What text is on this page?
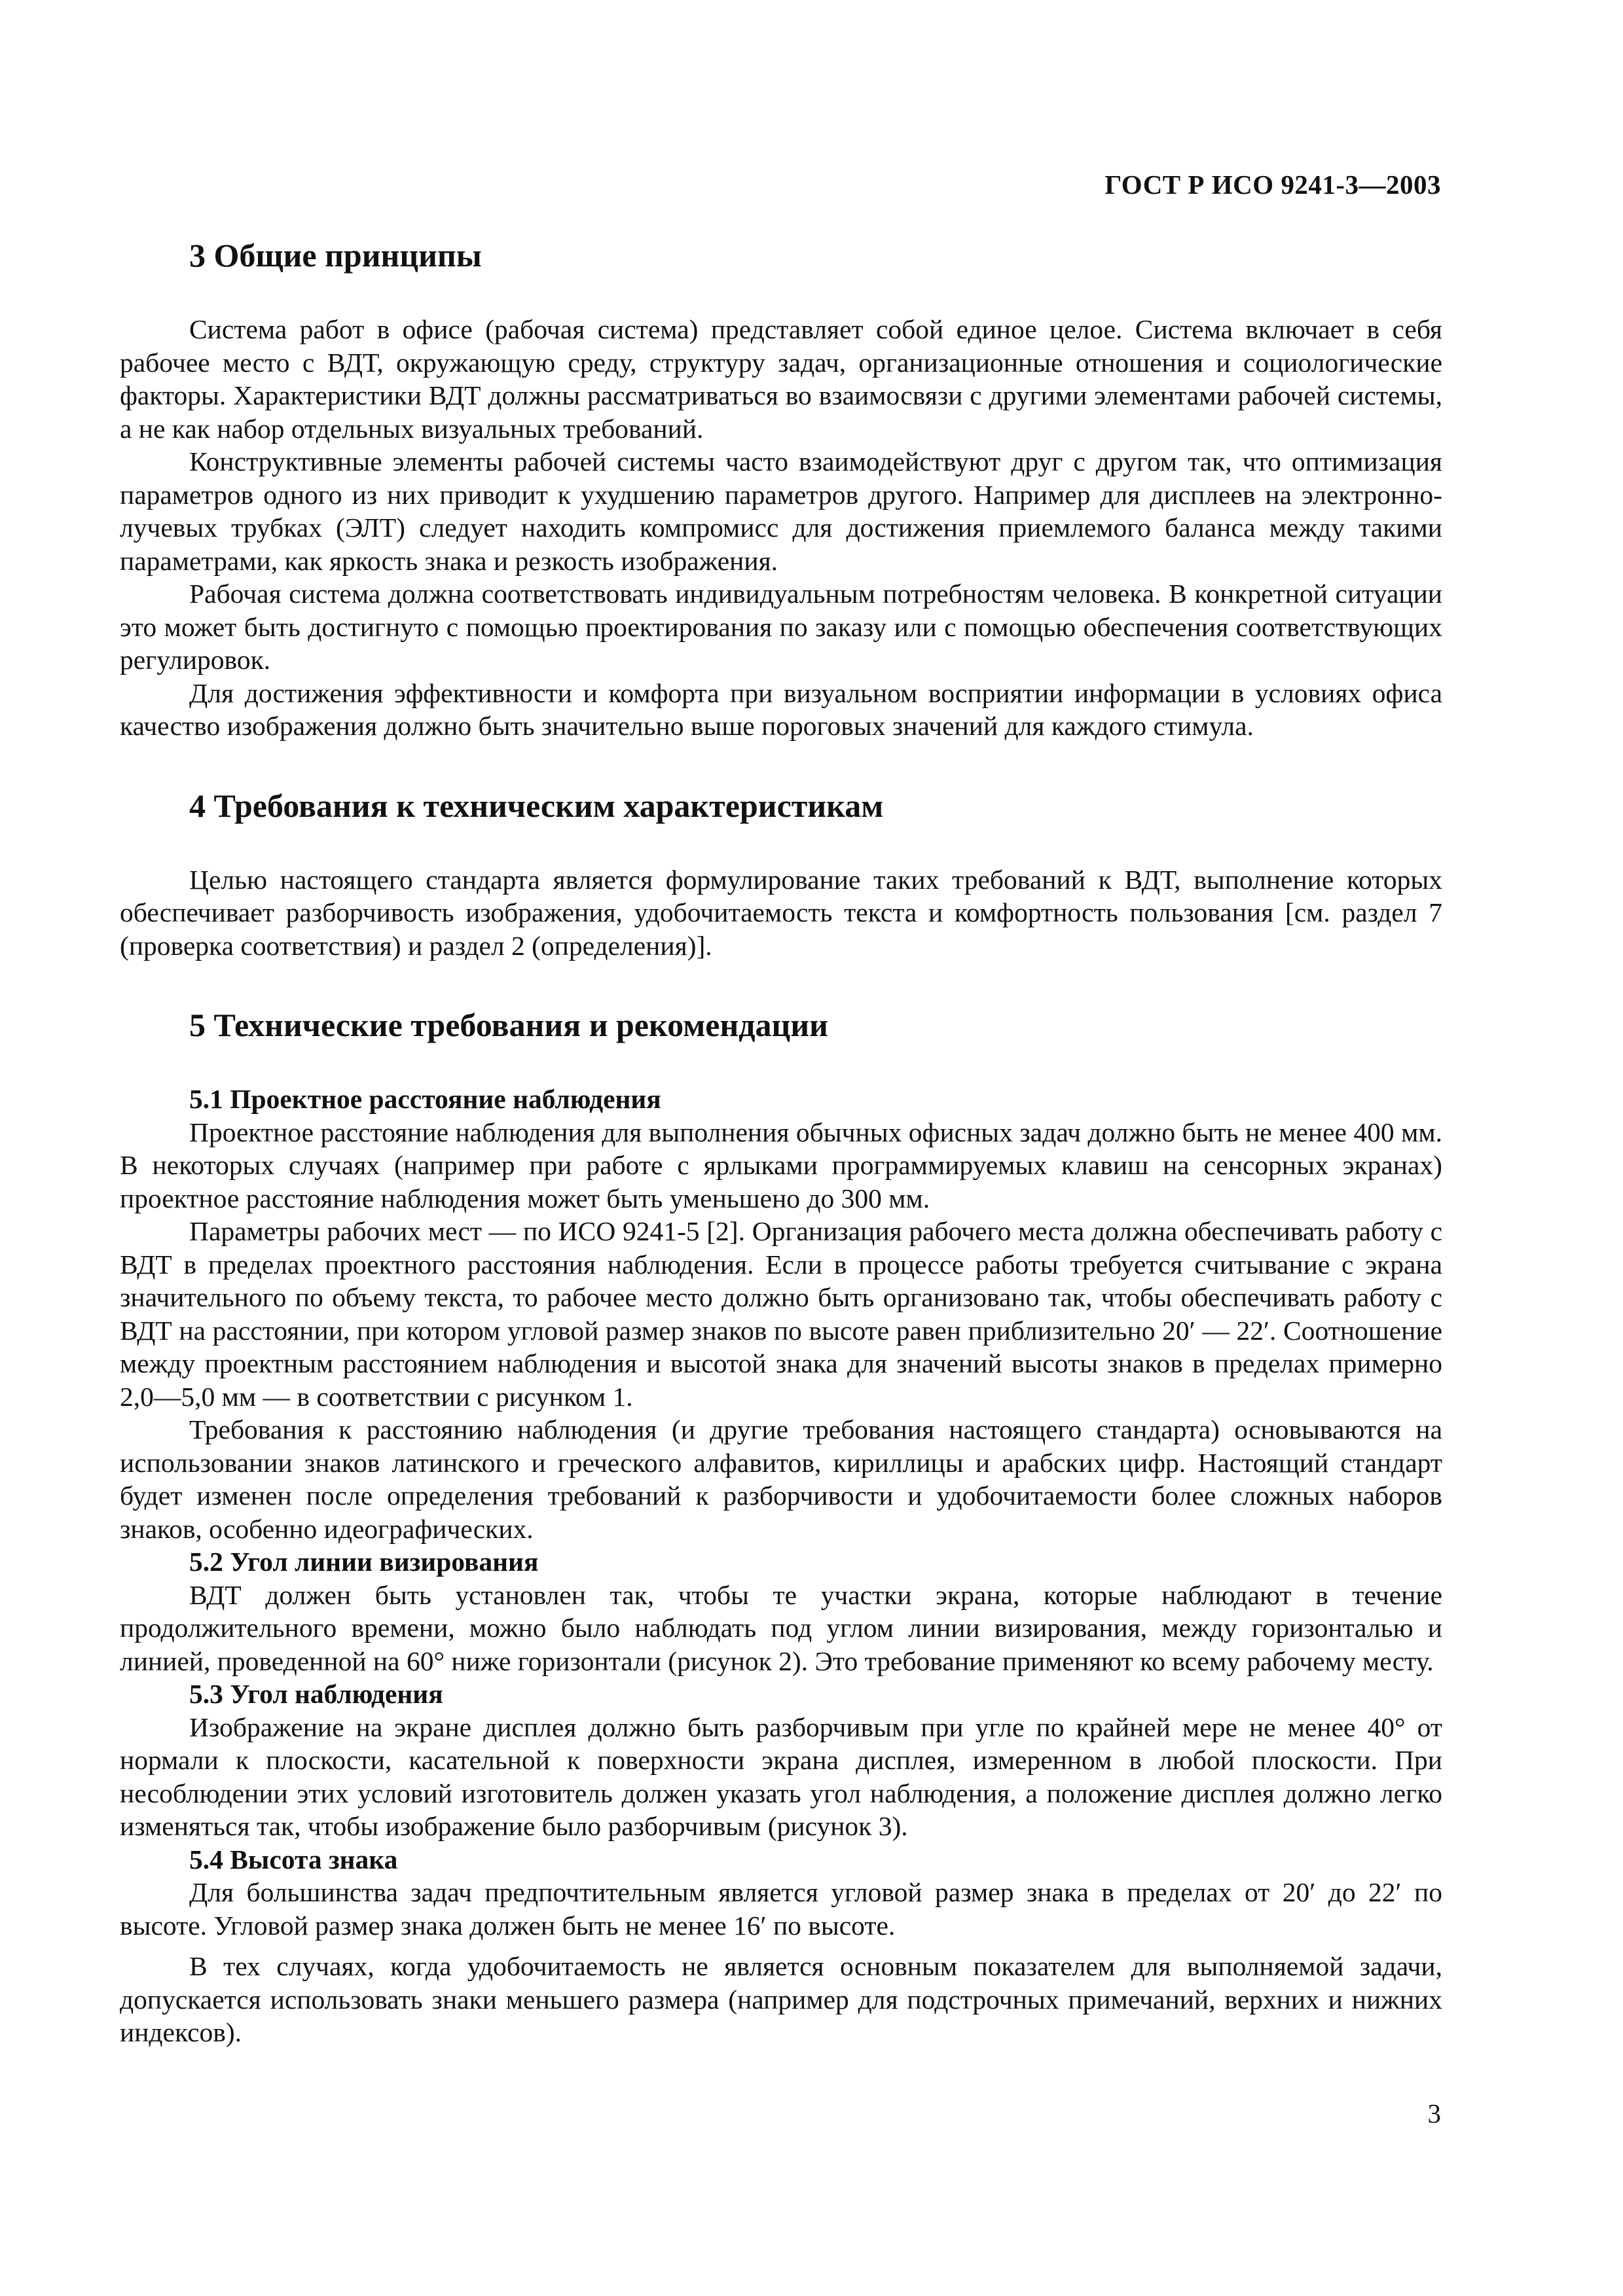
ГОСТ Р ИСО 9241-3—2003
3 Общие принципы

Система работ в офисе (рабочая система) представляет собой единое целое. Система включает в себя рабочее место с ВДТ, окружающую среду, структуру задач, организационные отношения и социологические факторы. Характеристики ВДТ должны рассматриваться во взаимосвязи с другими элементами рабочей системы, а не как набор отдельных визуальных требований.

Конструктивные элементы рабочей системы часто взаимодействуют друг с другом так, что оптимизация параметров одного из них приводит к ухудшению параметров другого. Например для дисплеев на электронно-лучевых трубках (ЭЛТ) следует находить компромисс для достижения приемлемого баланса между такими параметрами, как яркость знака и резкость изображения.

Рабочая система должна соответствовать индивидуальным потребностям человека. В конкретной ситуации это может быть достигнуто с помощью проектирования по заказу или с помощью обеспечения соответствующих регулировок.

Для достижения эффективности и комфорта при визуальном восприятии информации в условиях офиса качество изображения должно быть значительно выше пороговых значений для каждого стимула.

4 Требования к техническим характеристикам

Целью настоящего стандарта является формулирование таких требований к ВДТ, выполнение которых обеспечивает разборчивость изображения, удобочитаемость текста и комфортность пользования [см. раздел 7 (проверка соответствия) и раздел 2 (определения)].

5 Технические требования и рекомендации
5.1 Проектное расстояние наблюдения

Проектное расстояние наблюдения для выполнения обычных офисных задач должно быть не менее 400 мм. В некоторых случаях (например при работе с ярлыками программируемых клавиш на сенсорных экранах) проектное расстояние наблюдения может быть уменьшено до 300 мм.

Параметры рабочих мест — по ИСО 9241-5 [2]. Организация рабочего места должна обеспечивать работу с ВДТ в пределах проектного расстояния наблюдения. Если в процессе работы требуется считывание с экрана значительного по объему текста, то рабочее место должно быть организовано так, чтобы обеспечивать работу с ВДТ на расстоянии, при котором угловой размер знаков по высоте равен приблизительно 20′ — 22′. Соотношение между проектным расстоянием наблюдения и высотой знака для значений высоты знаков в пределах примерно 2,0—5,0 мм — в соответствии с рисунком 1.

Требования к расстоянию наблюдения (и другие требования настоящего стандарта) основываются на использовании знаков латинского и греческого алфавитов, кириллицы и арабских цифр. Настоящий стандарт будет изменен после определения требований к разборчивости и удобочитаемости более сложных наборов знаков, особенно идеографических.

5.2 Угол линии визирования

ВДТ должен быть установлен так, чтобы те участки экрана, которые наблюдают в течение продолжительного времени, можно было наблюдать под углом линии визирования, между горизонталью и линией, проведенной на 60° ниже горизонтали (рисунок 2). Это требование применяют ко всему рабочему месту.

5.3 Угол наблюдения

Изображение на экране дисплея должно быть разборчивым при угле по крайней мере не менее 40° от нормали к плоскости, касательной к поверхности экрана дисплея, измеренном в любой плоскости. При несоблюдении этих условий изготовитель должен указать угол наблюдения, а положение дисплея должно легко изменяться так, чтобы изображение было разборчивым (рисунок 3).

5.4 Высота знака

Для большинства задач предпочтительным является угловой размер знака в пределах от 20′ до 22′ по высоте. Угловой размер знака должен быть не менее 16′ по высоте.

В тех случаях, когда удобочитаемость не является основным показателем для выполняемой задачи, допускается использовать знаки меньшего размера (например для подстрочных примечаний, верхних и нижних индексов).

3
